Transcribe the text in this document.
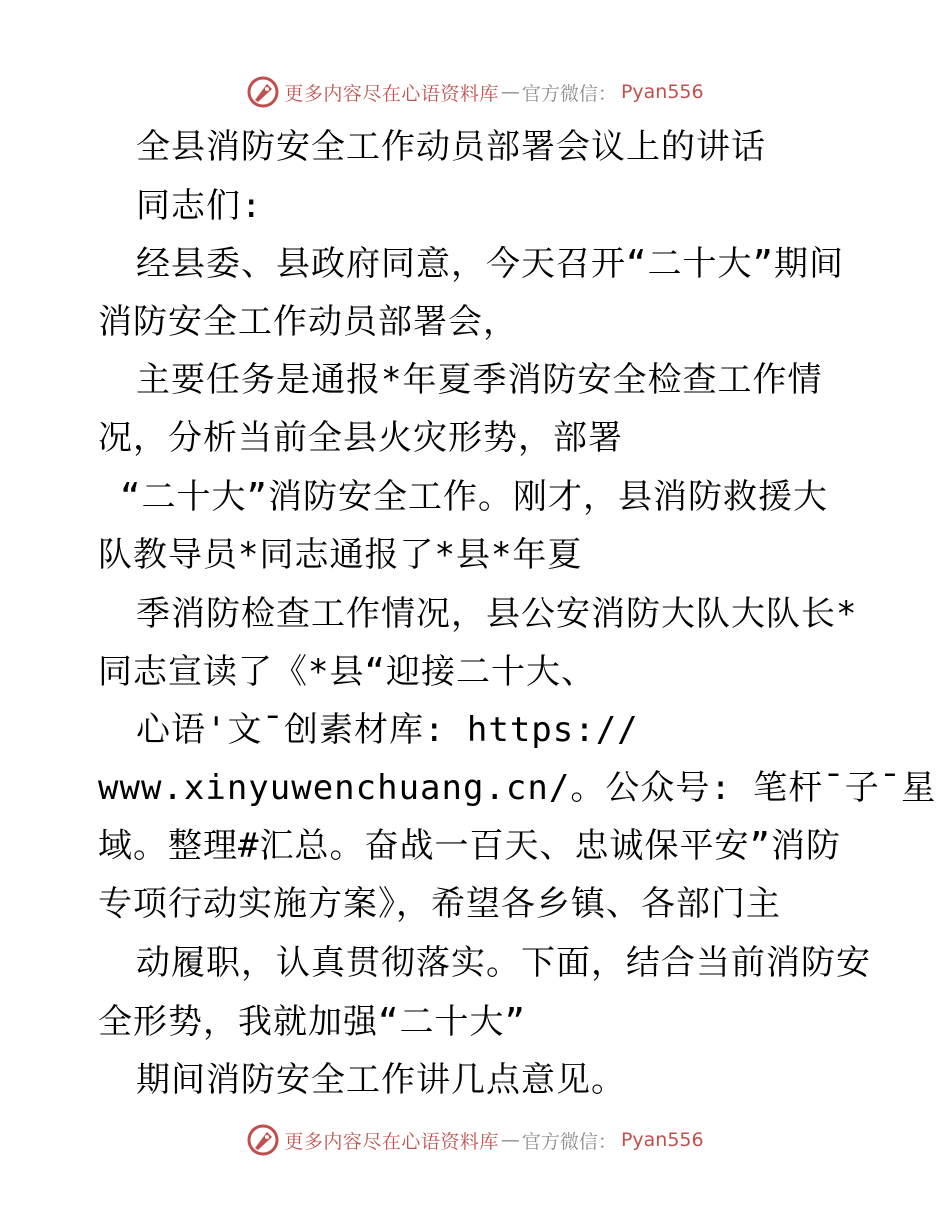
更多内容尽在心语资料库 — 官方微信： Pyan556
全县消防安全工作动员部署会议上的讲话
同志们:
经县委、县政府同意，今天召开“二十大”期间
消防安全工作动员部署会，
主要任务是通报*年夏季消防安全检查工作情
况，分析当前全县火灾形势，部署
“二十大”消防安全工作。刚才，县消防救援大
队教导员*同志通报了*县*年夏
季消防检查工作情况，县公安消防大队大队长*
同志宣读了《*县“迎接二十大、
心语'文¯创素材库: https://
www.xinyuwenchuang.cn/。公众号: 笔杆¯子¯星
域。整理#汇总。奋战一百天、忠诚保平安”消防
专项行动实施方案》，希望各乡镇、各部门主
动履职，认真贯彻落实。下面，结合当前消防安
全形势，我就加强“二十大”
期间消防安全工作讲几点意见。
更多内容尽在心语资料库 — 官方微信： Pyan556
